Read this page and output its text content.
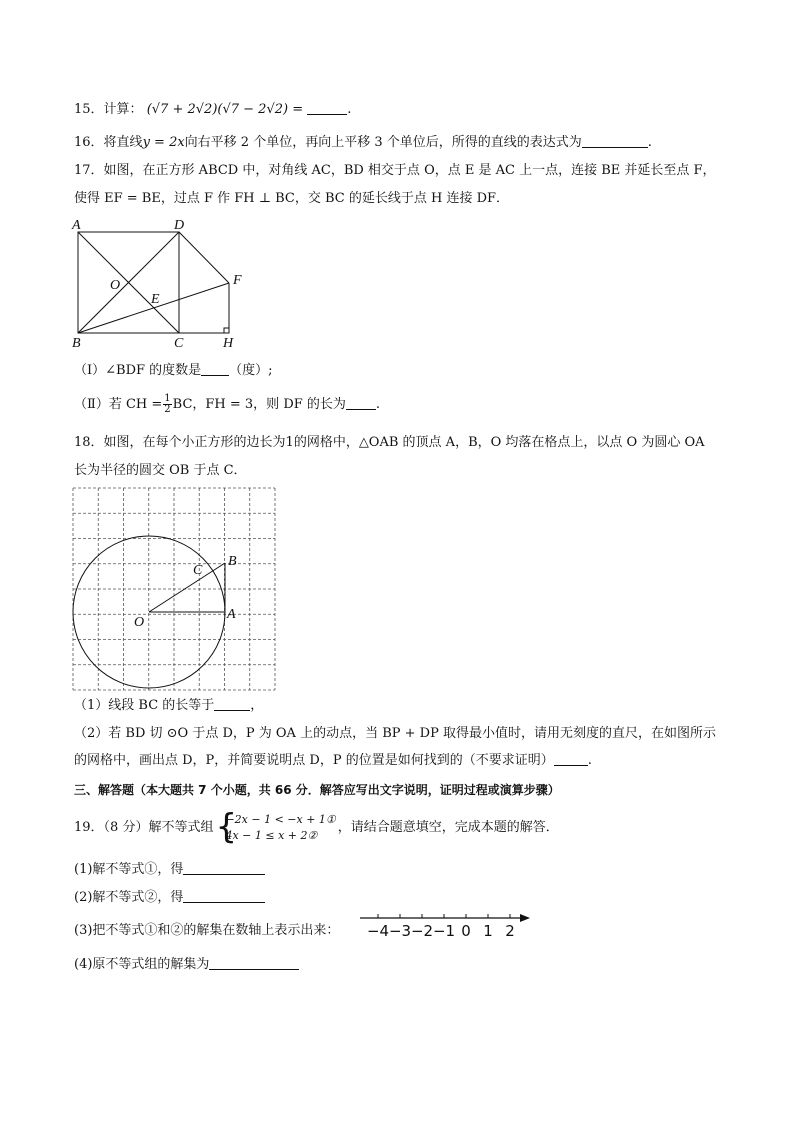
15．计算： (√7 + 2√2)(√7 − 2√2) =	.
16．将直线y = 2x向右平移 2 个单位，再向上平移 3 个单位后，所得的直线的表达式为	.
17．如图，在正方形 ABCD 中，对角线 AC，BD 相交于点 O，点 E 是 AC 上一点，连接 BE 并延长至点 F，
使得 EF = BE，过点 F 作 FH ⊥ BC，交 BC 的延长线于点 H 连接 DF．
A	D
O
E
F
B	C	H
（Ⅰ）∠BDF 的度数是 （度）;
（Ⅱ）若 CH = $\frac{1}{2}$ BC，FH = 3，则 DF 的长为 .
18．如图，在每个小正方形的边长为1的网格中，△OAB 的顶点 A，B，O 均落在格点上，以点 O 为圆心 OA
长为半径的圆交 OB 于点 C．
O
A
B
C
（1）线段 BC 的长等于	，
（2）若 BD 切 ⊙O 于点 D，P 为 OA 上的动点，当 BP + DP 取得最小值时，请用无刻度的直尺，在如图所示
的网格中，画出点 D，P，并简要说明点 D，P 的位置是如何找到的（不要求证明）	.
三、解答题（本大题共 7 个小题，共 66 分．解答应写出文字说明，证明过程或演算步骤）
19．（8 分）解不等式组 {
−2x − 1 < −x + 1①
4x − 1 ≤ x + 2②，请结合题意填空，完成本题的解答．
(1)解不等式①，得
(2)解不等式②，得
(3)把不等式①和②的解集在数轴上表示出来： −4 −3 −2 −1 0 1 2
(4)原不等式组的解集为
